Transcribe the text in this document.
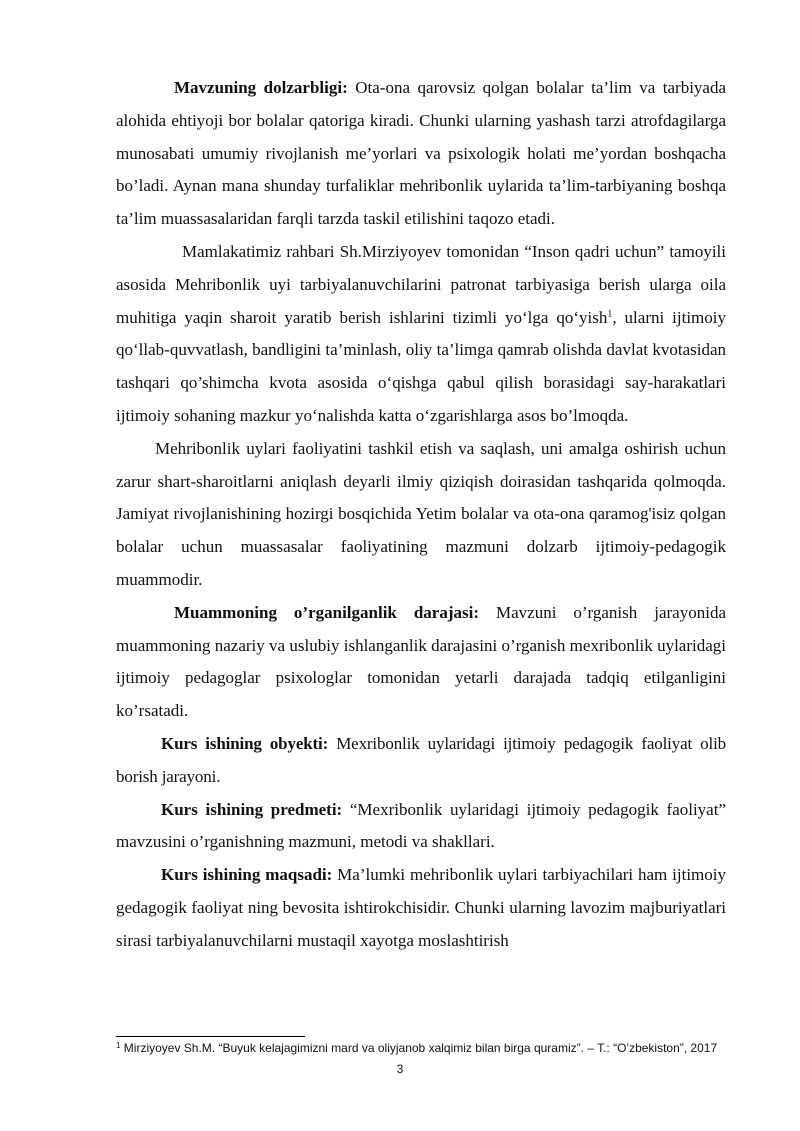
Mavzuning dolzarbligi: Ota-ona qarovsiz qolgan bolalar ta’lim va tarbiyada alohida ehtiyoji bor bolalar qatoriga kiradi. Chunki ularning yashash tarzi atrofdagilarga munosabati umumiy rivojlanish me’yorlari va psixologik holati me’yordan boshqacha bo’ladi. Aynan mana shunday turfaliklar mehribonlik uylarida ta’lim-tarbiyaning boshqa ta’lim muassasalaridan farqli tarzda taskil etilishini taqozo etadi.

Mamlakatimiz rahbari Sh.Mirziyoyev tomonidan “Inson qadri uchun” tamoyili asosida Mehribonlik uyi tarbiyalanuvchilarini patronat tarbiyasiga berish ularga oila muhitiga yaqin sharoit yaratib berish ishlarini tizimli yo‘lga qo‘yish$^1$, ularni ijtimoiy qo‘llab-quvvatlash, bandligini ta’minlash, oliy ta’limga qamrab olishda davlat kvotasidan tashqari qo’shimcha kvota asosida o‘qishga qabul qilish borasidagi say-harakatlari ijtimoiy sohaning mazkur yo‘nalishda katta o‘zgarishlarga asos bo’lmoqda.

Mehribonlik uylari faoliyatini tashkil etish va saqlash, uni amalga oshirish uchun zarur shart-sharoitlarni aniqlash deyarli ilmiy qiziqish doirasidan tashqarida qolmoqda. Jamiyat rivojlanishining hozirgi bosqichida Yetim bolalar va ota-ona qaramog'isiz qolgan bolalar uchun muassasalar faoliyatining mazmuni dolzarb ijtimoiy-pedagogik muammodir.

Muammoning o’rganilganlik darajasi: Mavzuni o’rganish jarayonida muammoning nazariy va uslubiy ishlanganlik darajasini o’rganish mexribonlik uylaridagi ijtimoiy pedagoglar psixologlar tomonidan yetarli darajada tadqiq etilganligini ko’rsatadi.

Kurs ishining obyekti: Mexribonlik uylaridagi ijtimoiy pedagogik faoliyat olib borish jarayoni.

Kurs ishining predmeti: “Mexribonlik uylaridagi ijtimoiy pedagogik faoliyat” mavzusini o’rganishning mazmuni, metodi va shakllari.

Kurs ishining maqsadi: Ma’lumki mehribonlik uylari tarbiyachilari ham ijtimoiy gedagogik faoliyat ning bevosita ishtirokchisidir. Chunki ularning lavozim majburiyatlari sirasi tarbiyalanuvchilarni mustaqil xayotga moslashtirish

$^1$ Mirziyoyev Sh.M. “Buyuk kelajagimizni mard va oliyjanob xalqimiz bilan birga quramiz”. – T.: “O’zbekiston”, 2017
3
